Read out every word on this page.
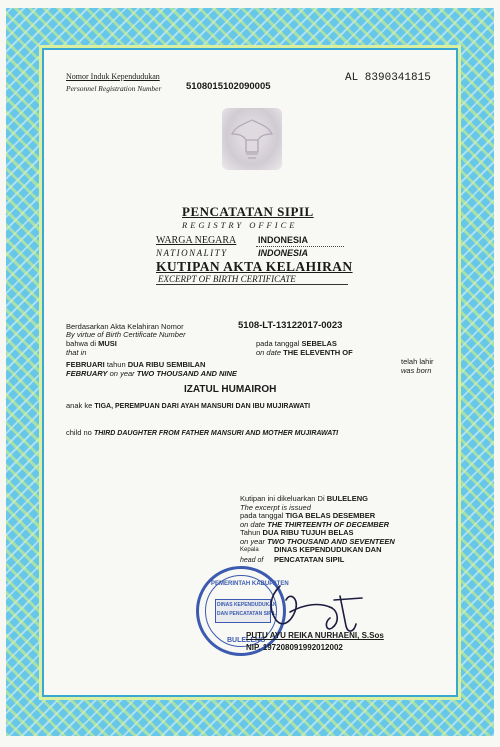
Nomor Induk Kependudukan
Personnel Registration Number	5108015102090005
AL 8390341815
PENCATATAN SIPIL
REGISTRY OFFICE
WARGA NEGARA INDONESIA
NATIONALITY	INDONESIA
KUTIPAN AKTA KELAHIRAN
EXCERPT OF BIRTH CERTIFICATE
Berdasarkan Akta Kelahiran Nomor
By virtue of Birth Certificate Number
5108-LT-13122017-0023
bahwa di MUSI
that in
pada tanggal SEBELAS
on date THE ELEVENTH OF
FEBRUARI tahun DUA RIBU SEMBILAN
FEBRUARY on year TWO THOUSAND AND NINE
telah lahir
was born
IZATUL HUMAIROH
anak ke TIGA, PEREMPUAN DARI AYAH MANSURI DAN IBU MUJIRAWATI
child no THIRD DAUGHTER FROM FATHER MANSURI AND MOTHER MUJIRAWATI
Kutipan ini dikeluarkan Di BULELENG
The excerpt is issued
pada tanggal TIGA BELAS DESEMBER
on date THE THIRTEENTH OF DECEMBER
Tahun DUA RIBU TUJUH BELAS
on year TWO THOUSAND AND SEVENTEEN
Kepala
head of
DINAS KEPENDUDUKAN DAN
PENCATATAN SIPIL
PEMERINTAH KABUPATEN
DINAS KEPENDUDUKAN
DAN PENCATATAN SIPIL
BULELENG
PUTU AYU REIKA NURHAENI, S.Sos
NIP. 197208091992012002
